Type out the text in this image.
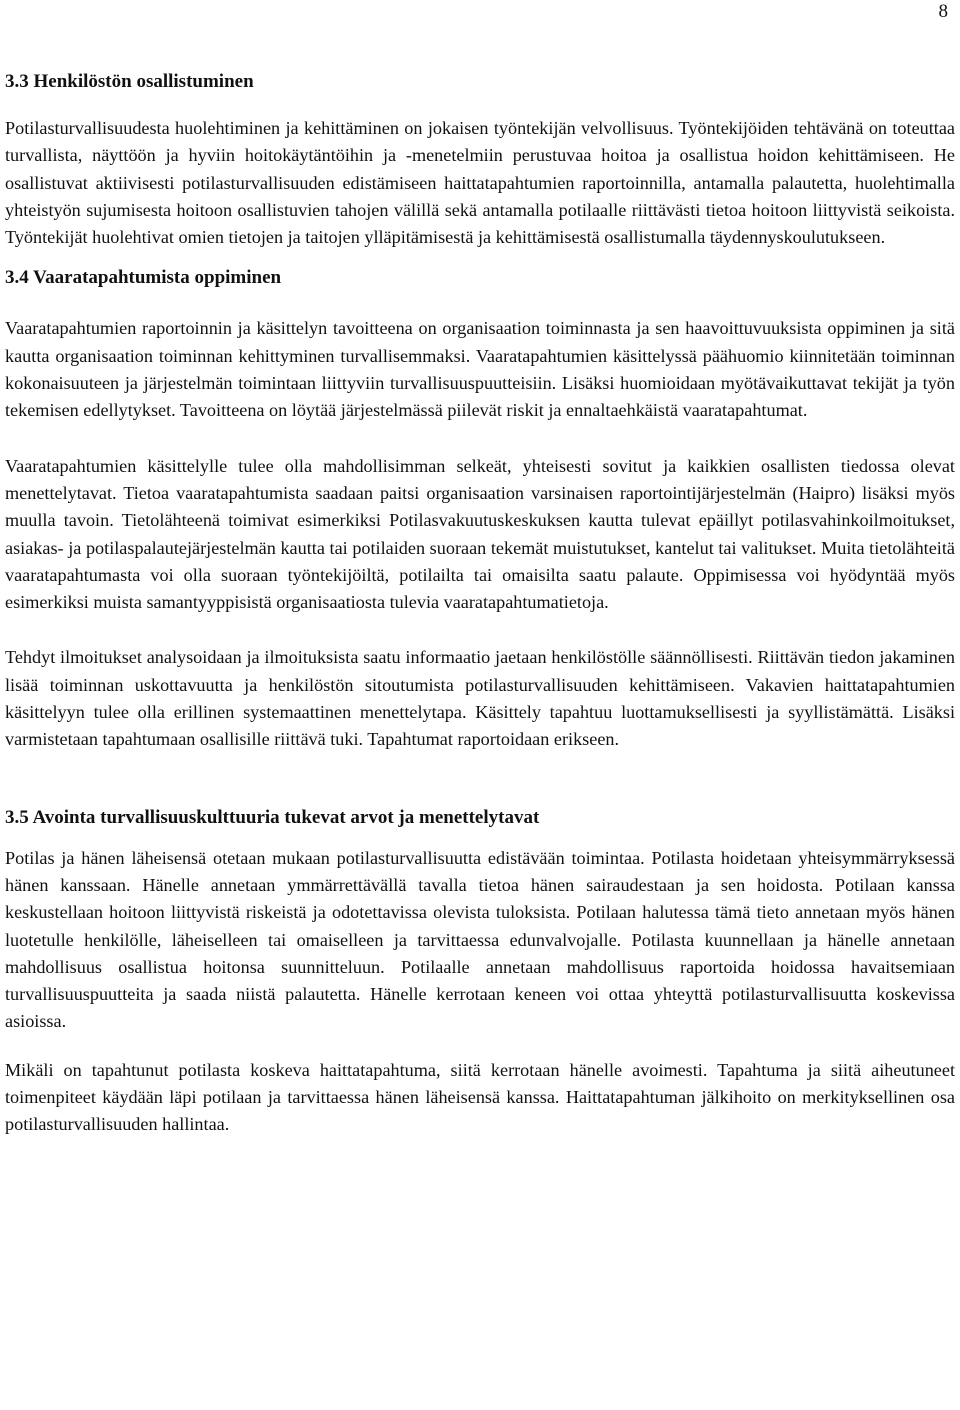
8
3.3 Henkilöstön osallistuminen

Potilasturvallisuudesta huolehtiminen ja kehittäminen on jokaisen työntekijän velvollisuus. Työntekijöiden tehtävänä on toteuttaa turvallista, näyttöön ja hyviin hoitokäytäntöihin ja -menetelmiin perustuvaa hoitoa ja osallistua hoidon kehittämiseen. He osallistuvat aktiivisesti potilasturvallisuuden edistämiseen haittatapahtumien raportoinnilla, antamalla palautetta, huolehtimalla yhteistyön sujumisesta hoitoon osallistuvien tahojen välillä sekä antamalla potilaalle riittävästi tietoa hoitoon liittyvistä seikoista. Työntekijät huolehtivat omien tietojen ja taitojen ylläpitämisestä ja kehittämisestä osallistumalla täydennyskoulutukseen.

3.4 Vaaratapahtumista oppiminen

Vaaratapahtumien raportoinnin ja käsittelyn tavoitteena on organisaation toiminnasta ja sen haavoittuvuuksista oppiminen ja sitä kautta organisaation toiminnan kehittyminen turvallisemmaksi. Vaaratapahtumien käsittelyssä päähuomio kiinnitetään toiminnan kokonaisuuteen ja järjestelmän toimintaan liittyviin turvallisuuspuutteisiin. Lisäksi huomioidaan myötävaikuttavat tekijät ja työn tekemisen edellytykset. Tavoitteena on löytää järjestelmässä piilevät riskit ja ennaltaehkäistä vaaratapahtumat.

Vaaratapahtumien käsittelylle tulee olla mahdollisimman selkeät, yhteisesti sovitut ja kaikkien osallisten tiedossa olevat menettelytavat. Tietoa vaaratapahtumista saadaan paitsi organisaation varsinaisen raportointijärjestelmän (Haipro) lisäksi myös muulla tavoin. Tietolähteenä toimivat esimerkiksi Potilasvakuutuskeskuksen kautta tulevat epäillyt potilasvahinkoilmoitukset, asiakas- ja potilaspalautejärjestelmän kautta tai potilaiden suoraan tekemät muistutukset, kantelut tai valitukset. Muita tietolähteitä vaaratapahtumasta voi olla suoraan työntekijöiltä, potilailta tai omaisilta saatu palaute. Oppimisessa voi hyödyntää myös esimerkiksi muista samantyyppisistä organisaatiosta tulevia vaaratapahtumatietoja.

Tehdyt ilmoitukset analysoidaan ja ilmoituksista saatu informaatio jaetaan henkilöstölle säännöllisesti. Riittävän tiedon jakaminen lisää toiminnan uskottavuutta ja henkilöstön sitoutumista potilasturvallisuuden kehittämiseen. Vakavien haittatapahtumien käsittelyyn tulee olla erillinen systemaattinen menettelytapa. Käsittely tapahtuu luottamuksellisesti ja syyllistämättä. Lisäksi varmistetaan tapahtumaan osallisille riittävä tuki. Tapahtumat raportoidaan erikseen.

3.5 Avointa turvallisuuskulttuuria tukevat arvot ja menettelytavat

Potilas ja hänen läheisensä otetaan mukaan potilasturvallisuutta edistävään toimintaa. Potilasta hoidetaan yhteisymmärryksessä hänen kanssaan. Hänelle annetaan ymmärrettävällä tavalla tietoa hänen sairaudestaan ja sen hoidosta. Potilaan kanssa keskustellaan hoitoon liittyvistä riskeistä ja odotettavissa olevista tuloksista. Potilaan halutessa tämä tieto annetaan myös hänen luotetulle henkilölle, läheiselleen tai omaiselleen ja tarvittaessa edunvalvojalle. Potilasta kuunnellaan ja hänelle annetaan mahdollisuus osallistua hoitonsa suunnitteluun. Potilaalle annetaan mahdollisuus raportoida hoidossa havaitsemiaan turvallisuuspuutteita ja saada niistä palautetta. Hänelle kerrotaan keneen voi ottaa yhteyttä potilasturvallisuutta koskevissa asioissa.

Mikäli on tapahtunut potilasta koskeva haittatapahtuma, siitä kerrotaan hänelle avoimesti. Tapahtuma ja siitä aiheutuneet toimenpiteet käydään läpi potilaan ja tarvittaessa hänen läheisensä kanssa. Haittatapahtuman jälkihoito on merkityksellinen osa potilasturvallisuuden hallintaa.
